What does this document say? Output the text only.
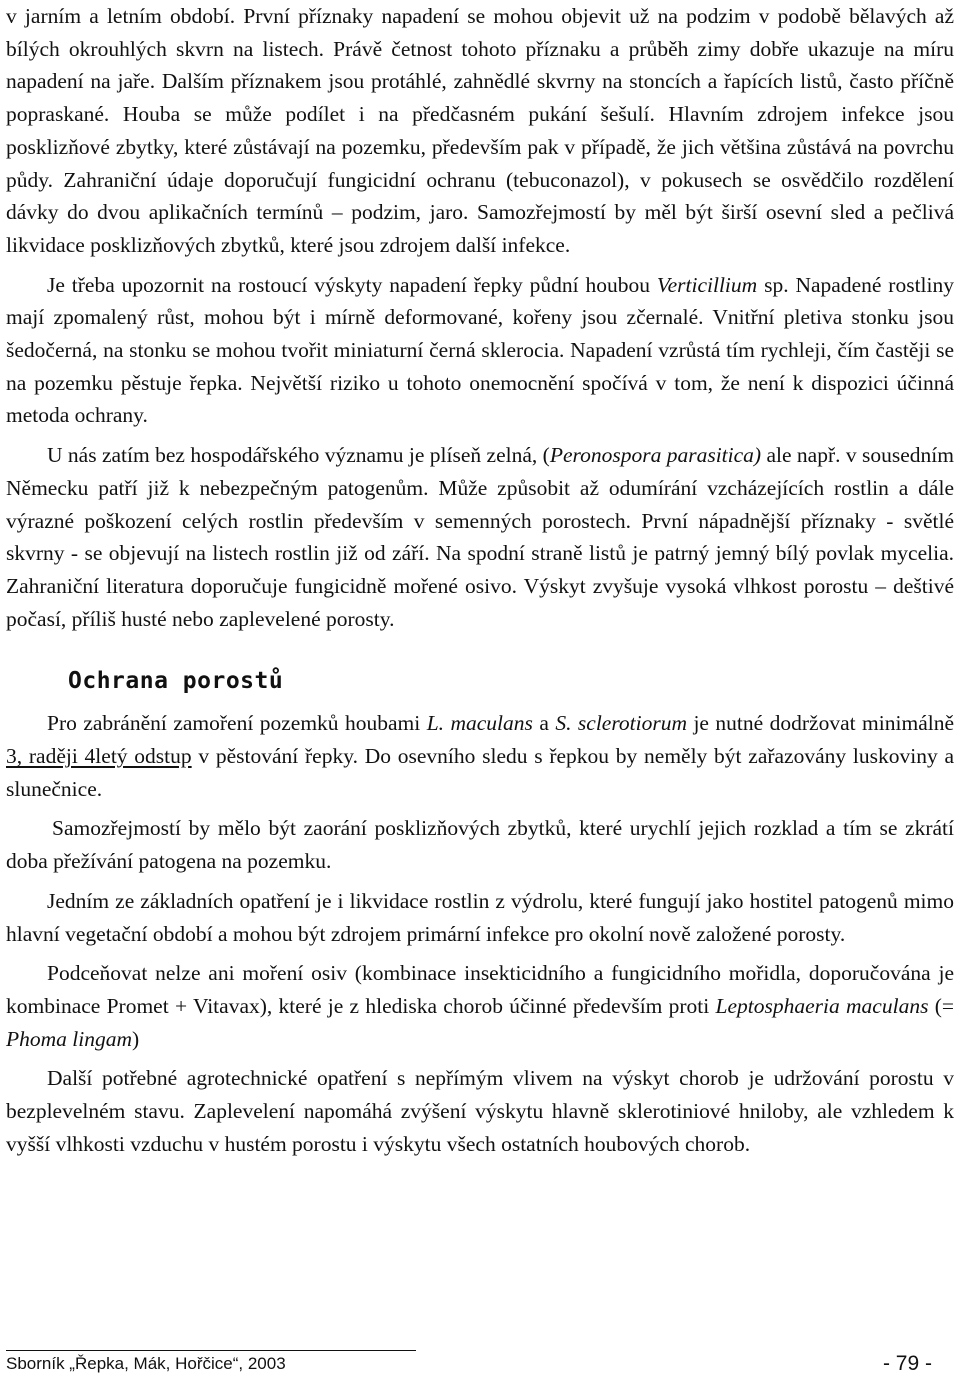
v jarním a letním období. První příznaky napadení se mohou objevit už na podzim v podobě bělavých až bílých okrouhlých skvrn na listech. Právě četnost tohoto příznaku a průběh zimy dobře ukazuje na míru napadení na jaře. Dalším příznakem jsou protáhlé, zahnědlé skvrny na stoncích a řapících listů, často příčně popraskané. Houba se může podílet i na předčasném pukání šešulí. Hlavním zdrojem infekce jsou posklizňové zbytky, které zůstávají na pozemku, především pak v případě, že jich většina zůstává na povrchu půdy. Zahraniční údaje doporučují fungicidní ochranu (tebuconazol), v pokusech se osvědčilo rozdělení dávky do dvou aplikačních termínů – podzim, jaro. Samozřejmostí by měl být širší osevní sled a pečlivá likvidace posklizňových zbytků, které jsou zdrojem další infekce.

Je třeba upozornit na rostoucí výskyty napadení řepky půdní houbou Verticillium sp. Napadené rostliny mají zpomalený růst, mohou být i mírně deformované, kořeny jsou zčernalé. Vnitřní pletiva stonku jsou šedočerná, na stonku se mohou tvořit miniaturní černá sklerocia. Napadení vzrůstá tím rychleji, čím častěji se na pozemku pěstuje řepka. Největší riziko u tohoto onemocnění spočívá v tom, že není k dispozici účinná metoda ochrany.

U nás zatím bez hospodářského významu je plíseň zelná, (Peronospora parasitica) ale např. v sousedním Německu patří již k nebezpečným patogenům. Může způsobit až odumírání vzcházejících rostlin a dále výrazné poškození celých rostlin především v semenných porostech. První nápadnější příznaky - světlé skvrny - se objevují na listech rostlin již od září. Na spodní straně listů je patrný jemný bílý povlak mycelia. Zahraniční literatura doporučuje fungicidně mořené osivo. Výskyt zvyšuje vysoká vlhkost porostu – deštivé počasí, příliš husté nebo zaplevelené porosty.

Ochrana porostů

Pro zabránění zamoření pozemků houbami L. maculans a S. sclerotiorum je nutné dodržovat minimálně 3, raději 4letý odstup v pěstování řepky. Do osevního sledu s řepkou by neměly být zařazovány luskoviny a slunečnice.

Samozřejmostí by mělo být zaorání posklizňových zbytků, které urychlí jejich rozklad a tím se zkrátí doba přežívání patogena na pozemku.

Jedním ze základních opatření je i likvidace rostlin z výdrolu, které fungují jako hostitel patogenů mimo hlavní vegetační období a mohou být zdrojem primární infekce pro okolní nově založené porosty.

Podceňovat nelze ani moření osiv (kombinace insekticidního a fungicidního mořidla, doporučována je kombinace Promet + Vitavax), které je z hlediska chorob účinné především proti Leptosphaeria maculans (= Phoma lingam)

Další potřebné agrotechnické opatření s nepřímým vlivem na výskyt chorob je udržování porostu v bezplevelném stavu. Zaplevelení napomáhá zvýšení výskytu hlavně sklerotiniové hniloby, ale vzhledem k vyšší vlhkosti vzduchu v hustém porostu i výskytu všech ostatních houbových chorob.

Sborník „Řepka, Mák, Hořčice“, 2003	- 79 -
